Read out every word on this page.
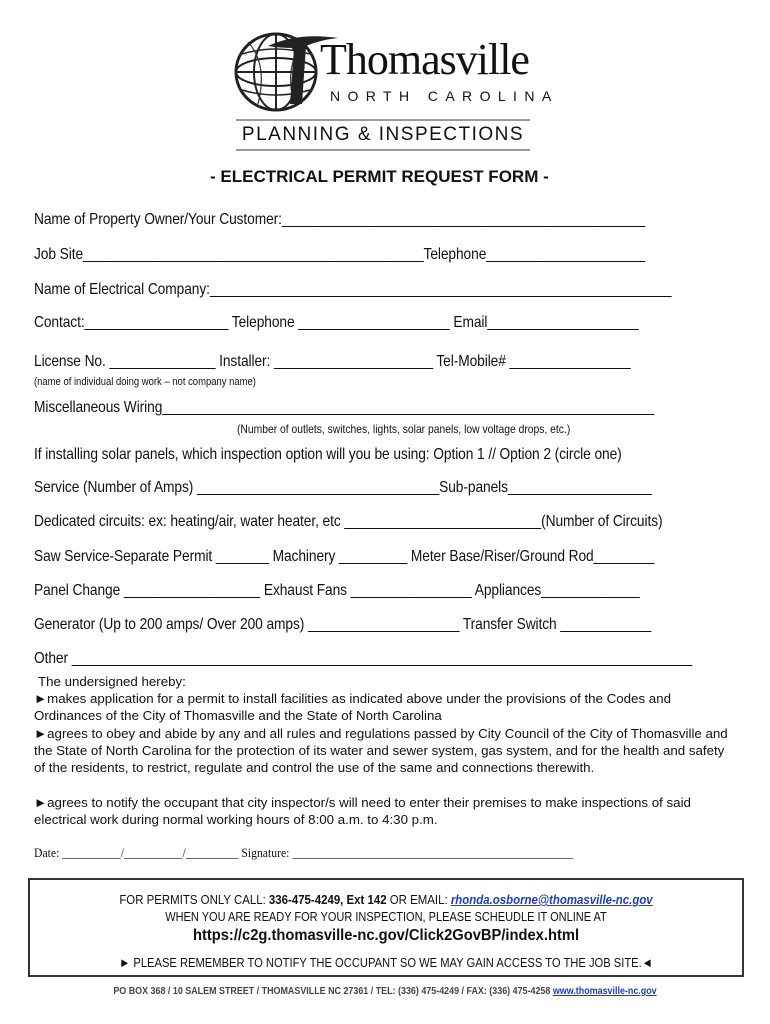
Thomasville
NORTH CAROLINA
PLANNING & INSPECTIONS
- ELECTRICAL PERMIT REQUEST FORM -
Name of Property Owner/Your Customer:________________________________________________
Job Site_____________________________________________Telephone_____________________
Name of Electrical Company:_____________________________________________________________
Contact:___________________ Telephone ____________________ Email____________________
License No. ______________ Installer: _____________________ Tel-Mobile# ________________
(name of individual doing work – not company name)
Miscellaneous Wiring_________________________________________________________________
(Number of outlets, switches, lights, solar panels, low voltage drops, etc.)
If installing solar panels, which inspection option will you be using: Option 1 // Option 2 (circle one)
Service (Number of Amps) ________________________________Sub-panels___________________
Dedicated circuits: ex: heating/air, water heater, etc __________________________(Number of Circuits)
Saw Service-Separate Permit _______ Machinery _________ Meter Base/Riser/Ground Rod________
Panel Change __________________ Exhaust Fans ________________ Appliances_____________
Generator (Up to 200 amps/ Over 200 amps) ____________________ Transfer Switch ____________
Other __________________________________________________________________________________
The undersigned hereby:
►makes application for a permit to install facilities as indicated above under the provisions of the Codes and Ordinances of the City of Thomasville and the State of North Carolina
►agrees to obey and abide by any and all rules and regulations passed by City Council of the City of Thomasville and the State of North Carolina for the protection of its water and sewer system, gas system, and for the health and safety of the residents, to restrict, regulate and control the use of the same and connections therewith.
►agrees to notify the occupant that city inspector/s will need to enter their premises to make inspections of said electrical work during normal working hours of 8:00 a.m. to 4:30 p.m.
Date: __________/__________/_________ Signature: ________________________________________________
FOR PERMITS ONLY CALL: 336-475-4249, Ext 142 OR EMAIL: rhonda.osborne@thomasville-nc.gov
WHEN YOU ARE READY FOR YOUR INSPECTION, PLEASE SCHEUDLE IT ONLINE AT
https://c2g.thomasville-nc.gov/Click2GovBP/index.html
► PLEASE REMEMBER TO NOTIFY THE OCCUPANT SO WE MAY GAIN ACCESS TO THE JOB SITE.◄
PO BOX 368 / 10 SALEM STREET / THOMASVILLE NC 27361 / TEL: (336) 475-4249 / FAX: (336) 475-4258 www.thomasville-nc.gov
